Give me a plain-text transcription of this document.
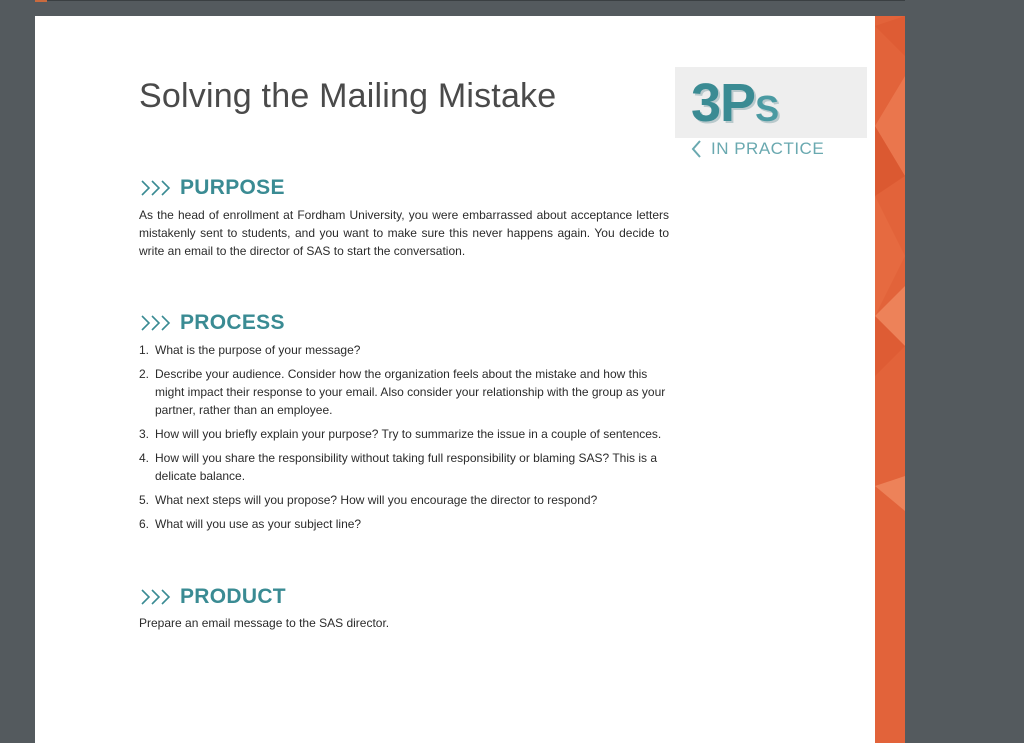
Solving the Mailing Mistake 3PS
IN PRACTICE
PURPOSE

As the head of enrollment at Fordham University, you were embarrassed about acceptance letters mistakenly sent to students, and you want to make sure this never happens again. You decide to write an email to the director of SAS to start the conversation.

PROCESS
1. What is the purpose of your message?
2. Describe your audience. Consider how the organization feels about the mistake and how this might impact their response to your email. Also consider your relationship with the group as your partner, rather than an employee.
3. How will you briefly explain your purpose? Try to summarize the issue in a couple of sentences.
4. How will you share the responsibility without taking full responsibility or blaming SAS? This is a delicate balance.
5. What next steps will you propose? How will you encourage the director to respond?
6. What will you use as your subject line?
PRODUCT

Prepare an email message to the SAS director.
